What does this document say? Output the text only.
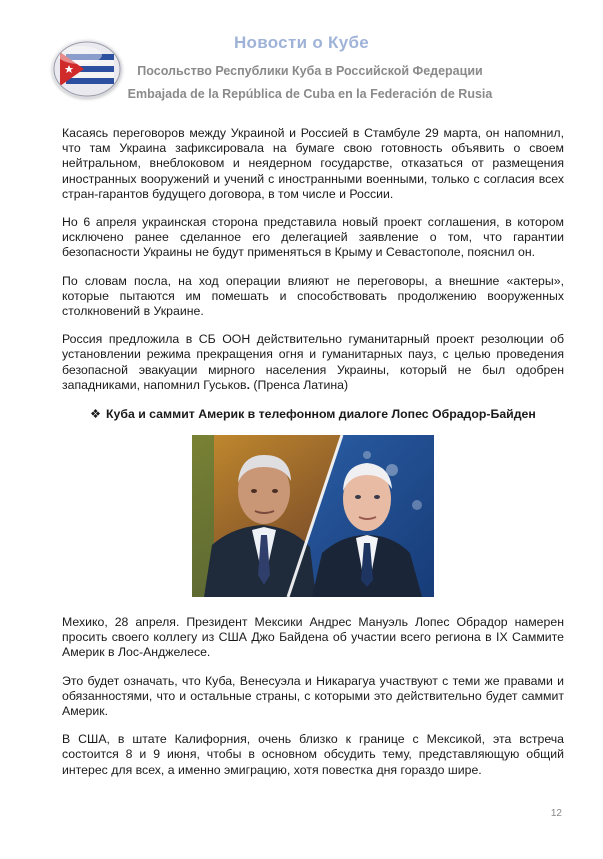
Новости о Кубе
Посольство Республики Куба в Российской Федерации
Embajada de la República de Cuba en la Federación de Rusia

Касаясь переговоров между Украиной и Россией в Стамбуле 29 марта, он напомнил, что там Украина зафиксировала на бумаге свою готовность объявить о своем нейтральном, внеблоковом и неядерном государстве, отказаться от размещения иностранных вооружений и учений с иностранными военными, только с согласия всех стран-гарантов будущего договора, в том числе и России.

Но 6 апреля украинская сторона представила новый проект соглашения, в котором исключено ранее сделанное его делегацией заявление о том, что гарантии безопасности Украины не будут применяться в Крыму и Севастополе, пояснил он.

По словам посла, на ход операции влияют не переговоры, а внешние «актеры», которые пытаются им помешать и способствовать продолжению вооруженных столкновений в Украине.

Россия предложила в СБ ООН действительно гуманитарный проект резолюции об установлении режима прекращения огня и гуманитарных пауз, с целью проведения безопасной эвакуации мирного населения Украины, который не был одобрен западниками, напомнил Гуськов. (Пренса Латина)

❖ Куба и саммит Америк в телефонном диалоге Лопес Обрадор-Байден

Мехико, 28 апреля. Президент Мексики Андрес Мануэль Лопес Обрадор намерен просить своего коллегу из США Джо Байдена об участии всего региона в IX Саммите Америк в Лос-Анджелесе.

Это будет означать, что Куба, Венесуэла и Никарагуа участвуют с теми же правами и обязанностями, что и остальные страны, с которыми это действительно будет саммит Америк.

В США, в штате Калифорния, очень близко к границе с Мексикой, эта встреча состоится 8 и 9 июня, чтобы в основном обсудить тему, представляющую общий интерес для всех, а именно эмиграцию, хотя повестка дня гораздо шире.

12
